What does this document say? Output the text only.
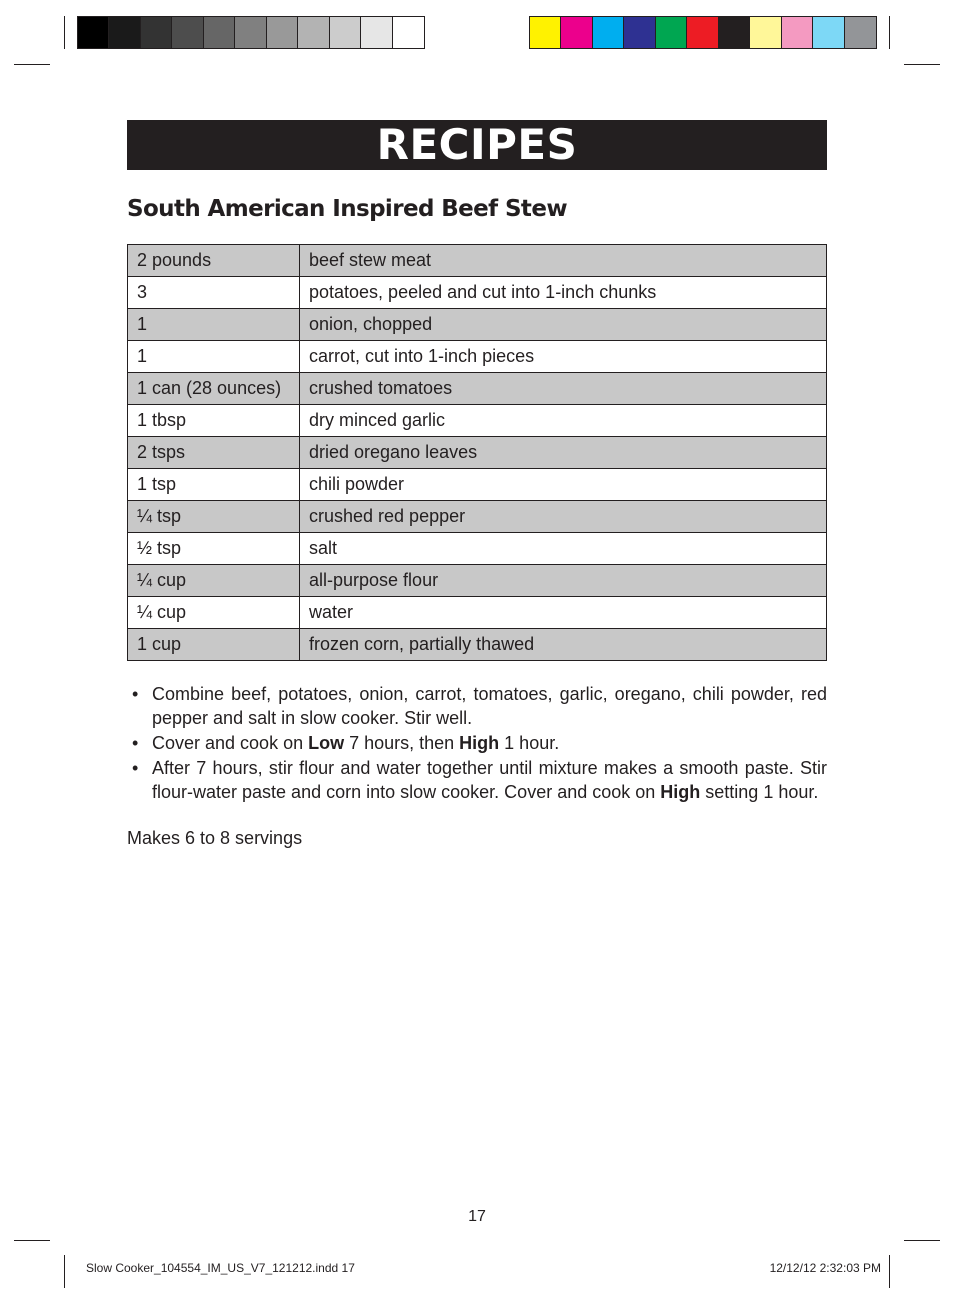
RECIPES
South American Inspired Beef Stew
2 pounds	beef stew meat
3	potatoes, peeled and cut into 1-inch chunks
1	onion, chopped
1	carrot, cut into 1-inch pieces
1 can (28 ounces)	crushed tomatoes
1 tbsp	dry minced garlic
2 tsps	dried oregano leaves
1 tsp	chili powder
¼ tsp	crushed red pepper
½ tsp	salt
¼ cup	all-purpose flour
¼ cup	water
1 cup	frozen corn, partially thawed
• Combine beef, potatoes, onion, carrot, tomatoes, garlic, oregano, chili powder, red pepper and salt in slow cooker. Stir well.
• Cover and cook on Low 7 hours, then High 1 hour.
• After 7 hours, stir flour and water together until mixture makes a smooth paste. Stir flour-water paste and corn into slow cooker. Cover and cook on High setting 1 hour.
Makes 6 to 8 servings
17
Slow Cooker_104554_IM_US_V7_121212.indd 17	12/12/12 2:32:03 PM
